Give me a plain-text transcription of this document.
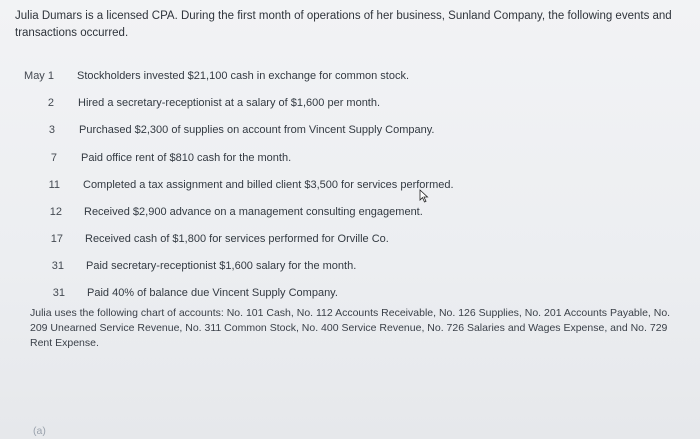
Julia Dumars is a licensed CPA. During the first month of operations of her business, Sunland Company, the following events and transactions occurred.
May 1 Stockholders invested $21,100 cash in exchange for common stock.
2 Hired a secretary-receptionist at a salary of $1,600 per month.
3 Purchased $2,300 of supplies on account from Vincent Supply Company.
7 Paid office rent of $810 cash for the month.
11 Completed a tax assignment and billed client $3,500 for services performed.
12 Received $2,900 advance on a management consulting engagement.
17 Received cash of $1,800 for services performed for Orville Co.
31 Paid secretary-receptionist $1,600 salary for the month.
31 Paid 40% of balance due Vincent Supply Company.
Julia uses the following chart of accounts: No. 101 Cash, No. 112 Accounts Receivable, No. 126 Supplies, No. 201 Accounts Payable, No. 209 Unearned Service Revenue, No. 311 Common Stock, No. 400 Service Revenue, No. 726 Salaries and Wages Expense, and No. 729 Rent Expense.
(a)
